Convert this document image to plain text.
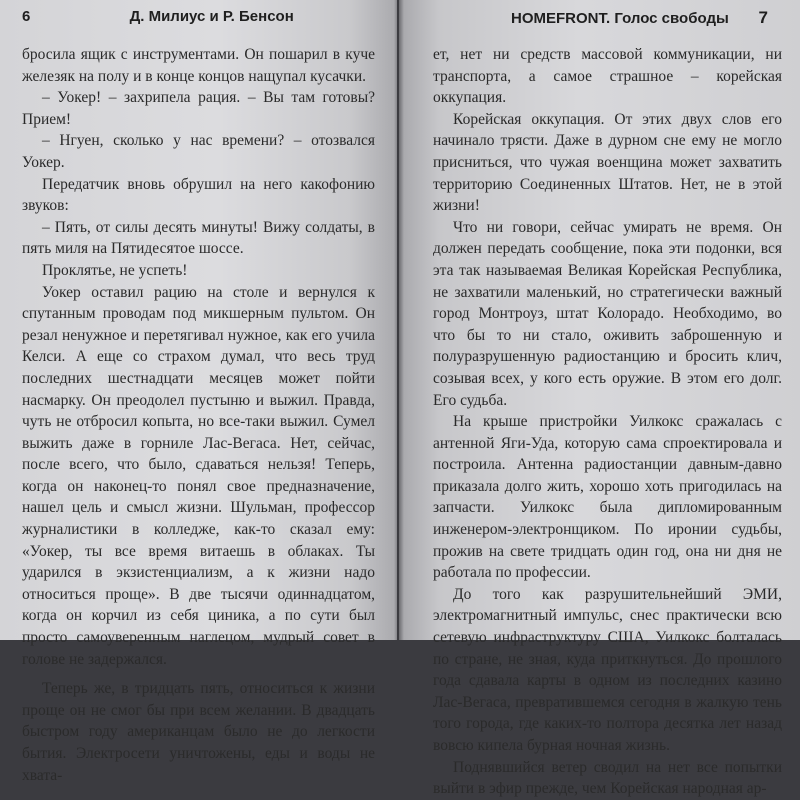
6	Д. Милиус и Р. Бенсон

бросила ящик с инструментами. Он пошарил в куче железяк на полу и в конце концов нащупал кусачки.

– Уокер! – захрипела рация. – Вы там готовы? Прием!

– Нгуен, сколько у нас времени? – отозвался Уокер.

Передатчик вновь обрушил на него какофонию звуков:

– Пять, от силы десять минуты! Вижу солдаты, в пять миля на Пятидесятое шоссе.

Проклятье, не успеть!

Уокер оставил рацию на столе и вернулся к спутанным проводам под микшерным пультом. Он резал ненужное и перетягивал нужное, как его учила Келси. А еще со страхом думал, что весь труд последних шестнадцати месяцев может пойти насмарку. Он преодолел пустыню и выжил. Правда, чуть не отбросил копыта, но все-таки выжил. Сумел выжить даже в горниле Лас-Вегаса. Нет, сейчас, после всего, что было, сдаваться нельзя! Теперь, когда он наконец-то понял свое предназначение, нашел цель и смысл жизни. Шульман, профессор журналистики в колледже, как-то сказал ему: «Уокер, ты все время витаешь в облаках. Ты ударился в экзистенциализм, а к жизни надо относиться проще». В две тысячи одиннадцатом, когда он корчил из себя циника, а по сути был просто самоуверенным наглецом, мудрый совет в голове не задержался.

Теперь же, в тридцать пять, относиться к жизни проще он не смог бы при всем желании. В двадцать быстром году американцам было не до легкости бытия. Электросети уничтожены, еды и воды не хвата-

HOMEFRONT. Голос свободы 7

ет, нет ни средств массовой коммуникации, ни транспорта, а самое страшное – корейская оккупация.

Корейская оккупация. От этих двух слов его начинало трясти. Даже в дурном сне ему не могло присниться, что чужая военщина может захватить территорию Соединенных Штатов. Нет, не в этой жизни!

Что ни говори, сейчас умирать не время. Он должен передать сообщение, пока эти подонки, вся эта так называемая Великая Корейская Республика, не захватили маленький, но стратегически важный город Монтроуз, штат Колорадо. Необходимо, во что бы то ни стало, оживить заброшенную и полуразрушенную радиостанцию и бросить клич, созывая всех, у кого есть оружие. В этом его долг. Его судьба.

На крыше пристройки Уилкокс сражалась с антенной Яги-Уда, которую сама спроектировала и построила. Антенна радиостанции давным-давно приказала долго жить, хорошо хоть пригодилась на запчасти. Уилкокс была дипломированным инженером-электронщиком. По иронии судьбы, прожив на свете тридцать один год, она ни дня не работала по профессии.

До того как разрушительнейший ЭМИ, электромагнитный импульс, снес практически всю сетевую инфраструктуру США, Уилкокс болталась по стране, не зная, куда приткнуться. До прошлого года сдавала карты в одном из последних казино Лас-Вегаса, превратившемся сегодня в жалкую тень того города, где каких-то полтора десятка лет назад вовсю кипела бурная ночная жизнь.

Поднявшийся ветер сводил на нет все попытки выйти в эфир прежде, чем Корейская народная ар-
